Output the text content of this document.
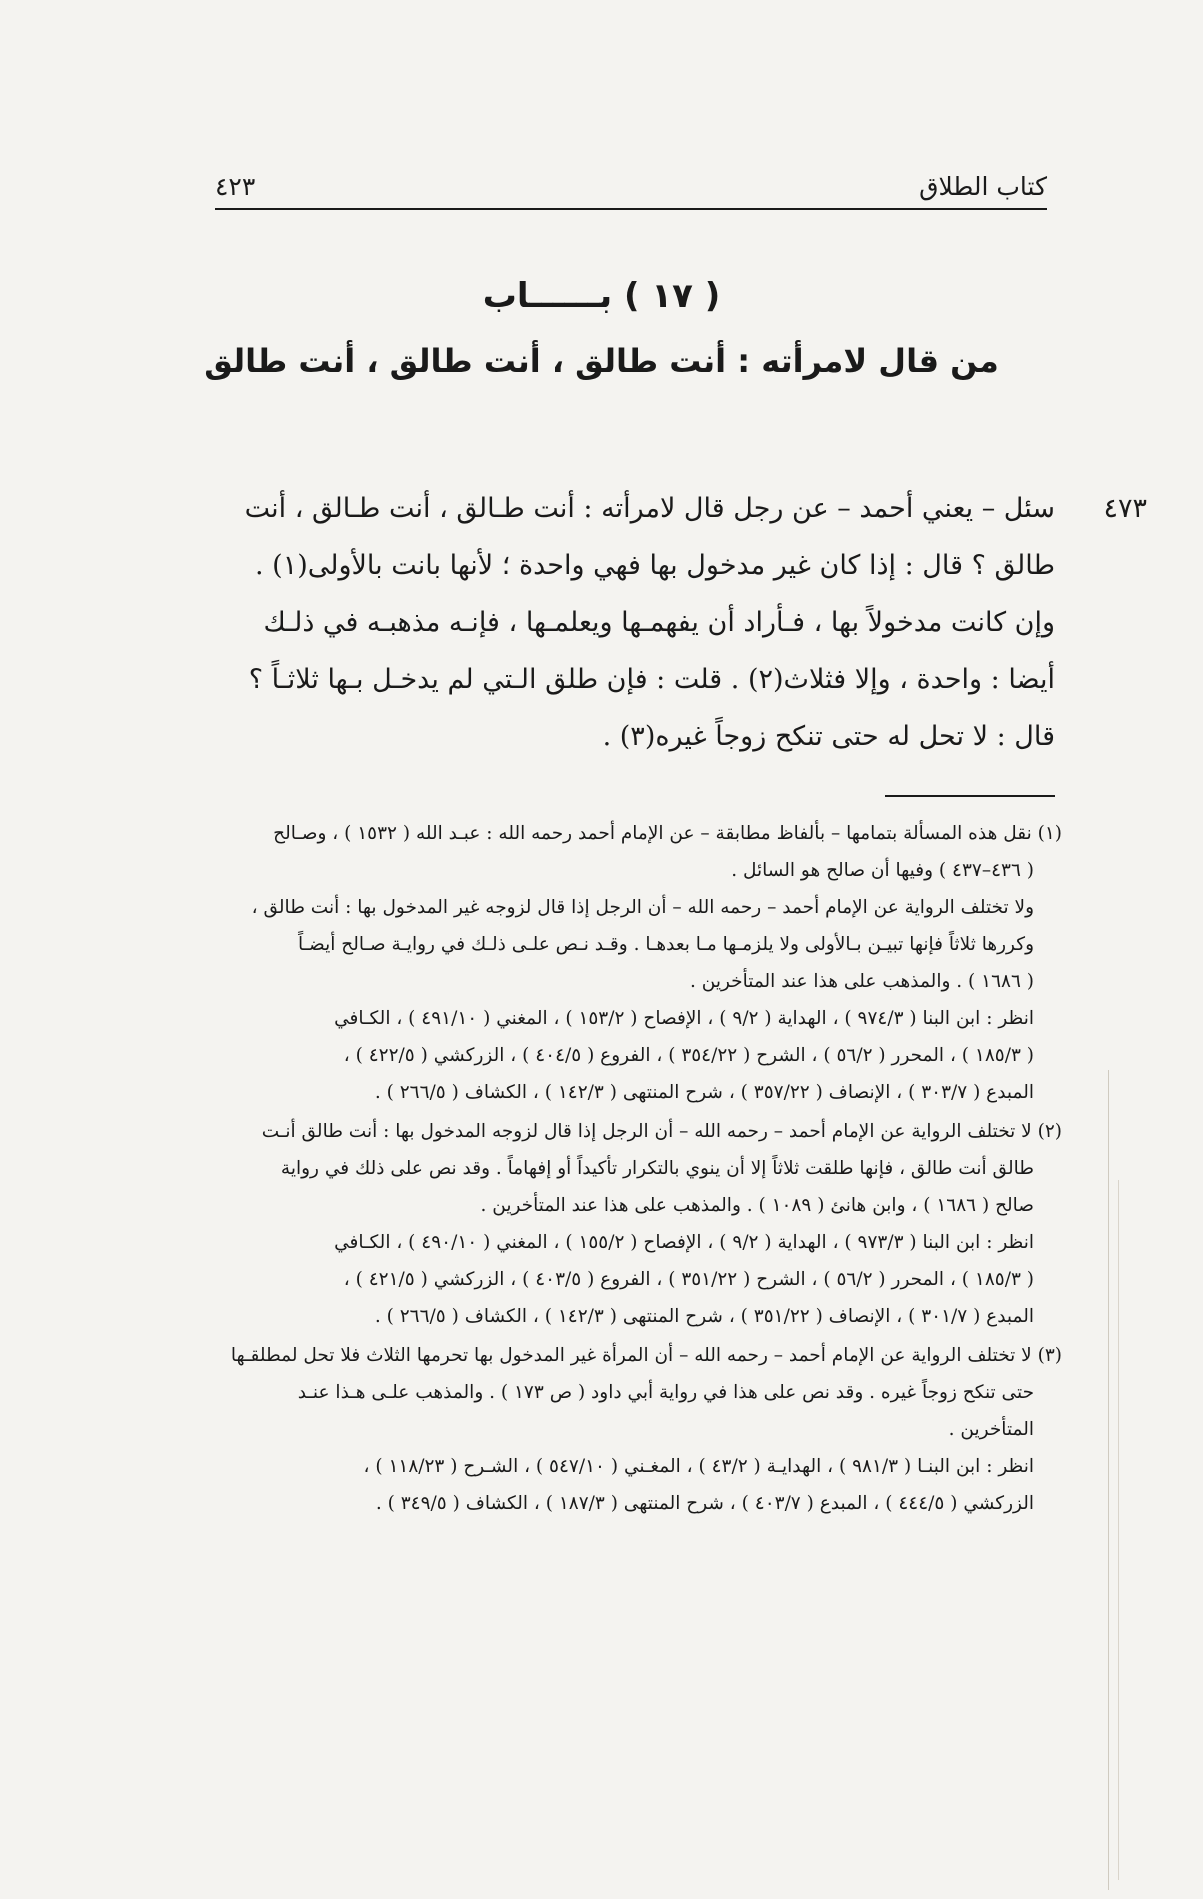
كتاب الطلاق
٤٢٣
( ١٧ ) بــــــاب
من قال لامرأته : أنت طالق ، أنت طالق ، أنت طالق
٤٧٣

سئل – يعني أحمد – عن رجل قال لامرأته : أنت طـالق ، أنت طـالق ، أنت

طالق ؟ قال : إذا كان غير مدخول بها فهي واحدة ؛ لأنها بانت بالأولى(١) .

وإن كانت مدخولاً بها ، فـأراد أن يفهمـها ويعلمـها ، فإنـه مذهبـه في ذلـك

أيضا : واحدة ، وإلا فثلاث(٢) . قلت : فإن طلق الـتي لم يدخـل بـها ثلاثـاً ؟

قال : لا تحل له حتى تنكح زوجاً غيره(٣) .

(١) نقل هذه المسألة بتمامها – بألفاظ مطابقة – عن الإمام أحمد رحمه الله : عبـد الله ( ١٥٣٢ ) ، وصـالح
( ٤٣٦–٤٣٧ ) وفيها أن صالح هو السائل .
ولا تختلف الرواية عن الإمام أحمد – رحمه الله – أن الرجل إذا قال لزوجه غير المدخول بها : أنت طالق ،
وكررها ثلاثاً فإنها تبيـن بـالأولى ولا يلزمـها مـا بعدهـا . وقـد نـص علـى ذلـك في روايـة صـالح أيضـاً
( ١٦٨٦ ) . والمذهب على هذا عند المتأخرين .
انظر : ابن البنا ( ٩٧٤/٣ ) ، الهداية ( ٩/٢ ) ، الإفصاح ( ١٥٣/٢ ) ، المغني ( ٤٩١/١٠ ) ، الكـافي
( ١٨٥/٣ ) ، المحرر ( ٥٦/٢ ) ، الشرح ( ٣٥٤/٢٢ ) ، الفروع ( ٤٠٤/٥ ) ، الزركشي ( ٤٢٢/٥ ) ،
المبدع ( ٣٠٣/٧ ) ، الإنصاف ( ٣٥٧/٢٢ ) ، شرح المنتهى ( ١٤٢/٣ ) ، الكشاف ( ٢٦٦/٥ ) .
(٢) لا تختلف الرواية عن الإمام أحمد – رحمه الله – أن الرجل إذا قال لزوجه المدخول بها : أنت طالق أنـت
طالق أنت طالق ، فإنها طلقت ثلاثاً إلا أن ينوي بالتكرار تأكيداً أو إفهاماً . وقد نص على ذلك في رواية
صالح ( ١٦٨٦ ) ، وابن هانئ ( ١٠٨٩ ) . والمذهب على هذا عند المتأخرين .
انظر : ابن البنا ( ٩٧٣/٣ ) ، الهداية ( ٩/٢ ) ، الإفصاح ( ١٥٥/٢ ) ، المغني ( ٤٩٠/١٠ ) ، الكـافي
( ١٨٥/٣ ) ، المحرر ( ٥٦/٢ ) ، الشرح ( ٣٥١/٢٢ ) ، الفروع ( ٤٠٣/٥ ) ، الزركشي ( ٤٢١/٥ ) ،
المبدع ( ٣٠١/٧ ) ، الإنصاف ( ٣٥١/٢٢ ) ، شرح المنتهى ( ١٤٢/٣ ) ، الكشاف ( ٢٦٦/٥ ) .
(٣) لا تختلف الرواية عن الإمام أحمد – رحمه الله – أن المرأة غير المدخول بها تحرمها الثلاث فلا تحل لمطلقـها
حتى تنكح زوجاً غيره . وقد نص على هذا في رواية أبي داود ( ص ١٧٣ ) . والمذهب علـى هـذا عنـد
المتأخرين .
انظر : ابن البنـا ( ٩٨١/٣ ) ، الهدايـة ( ٤٣/٢ ) ، المغـني ( ٥٤٧/١٠ ) ، الشـرح ( ١١٨/٢٣ ) ،
الزركشي ( ٤٤٤/٥ ) ، المبدع ( ٤٠٣/٧ ) ، شرح المنتهى ( ١٨٧/٣ ) ، الكشاف ( ٣٤٩/٥ ) .
